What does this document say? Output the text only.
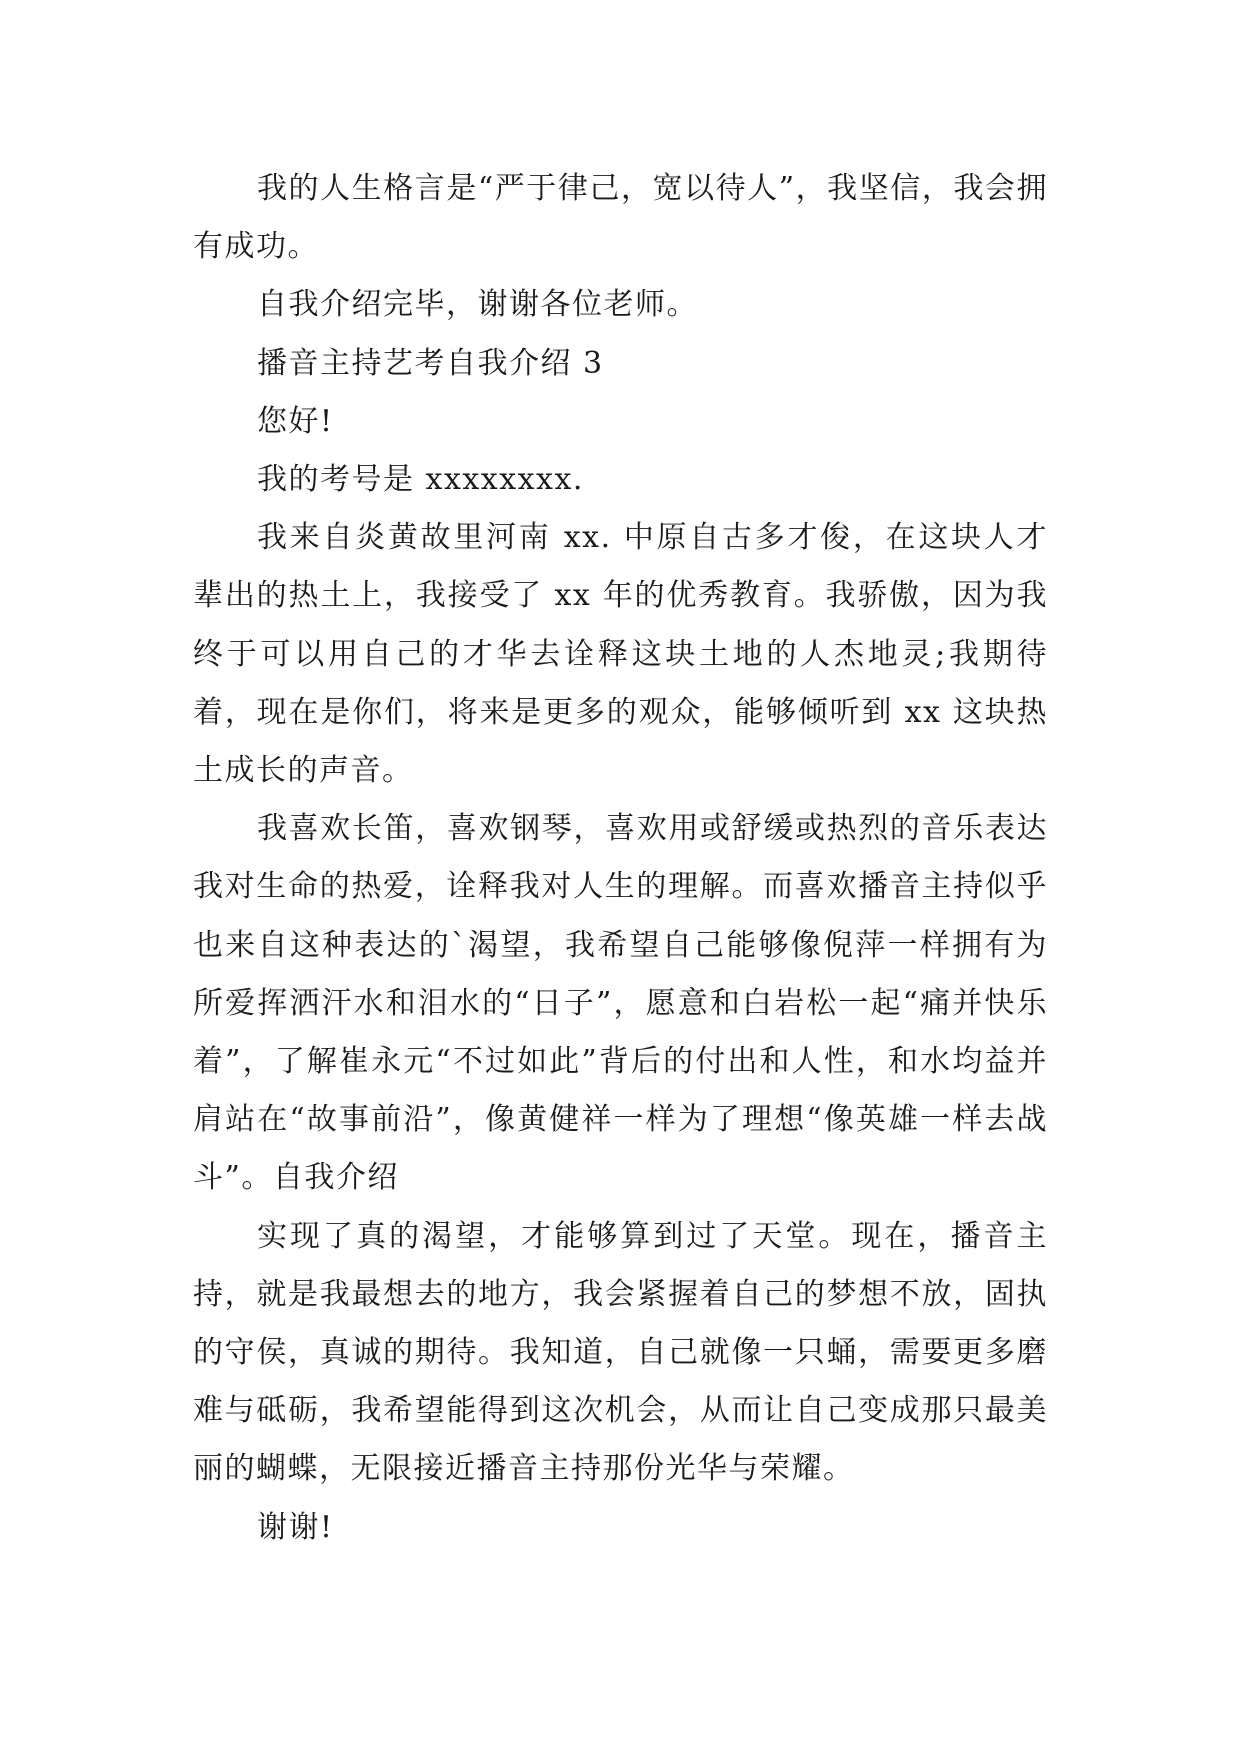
我的人生格言是“严于律己，宽以待人”，我坚信，我会拥有成功。

自我介绍完毕，谢谢各位老师。

播音主持艺考自我介绍 3

您好!

我的考号是 xxxxxxxx.

我来自炎黄故里河南 xx. 中原自古多才俊，在这块人才辈出的热土上，我接受了 xx 年的优秀教育。我骄傲，因为我终于可以用自己的才华去诠释这块土地的人杰地灵;我期待着，现在是你们，将来是更多的观众，能够倾听到 xx 这块热土成长的声音。

我喜欢长笛，喜欢钢琴，喜欢用或舒缓或热烈的音乐表达我对生命的热爱，诠释我对人生的理解。而喜欢播音主持似乎也来自这种表达的`渴望，我希望自己能够像倪萍一样拥有为所爱挥洒汗水和泪水的“日子”，愿意和白岩松一起“痛并快乐着”，了解崔永元“不过如此”背后的付出和人性，和水均益并肩站在“故事前沿”，像黄健祥一样为了理想“像英雄一样去战斗”。自我介绍

实现了真的渴望，才能够算到过了天堂。现在，播音主持，就是我最想去的地方，我会紧握着自己的梦想不放，固执的守侯，真诚的期待。我知道，自己就像一只蛹，需要更多磨难与砥砺，我希望能得到这次机会，从而让自己变成那只最美丽的蝴蝶，无限接近播音主持那份光华与荣耀。

谢谢!
